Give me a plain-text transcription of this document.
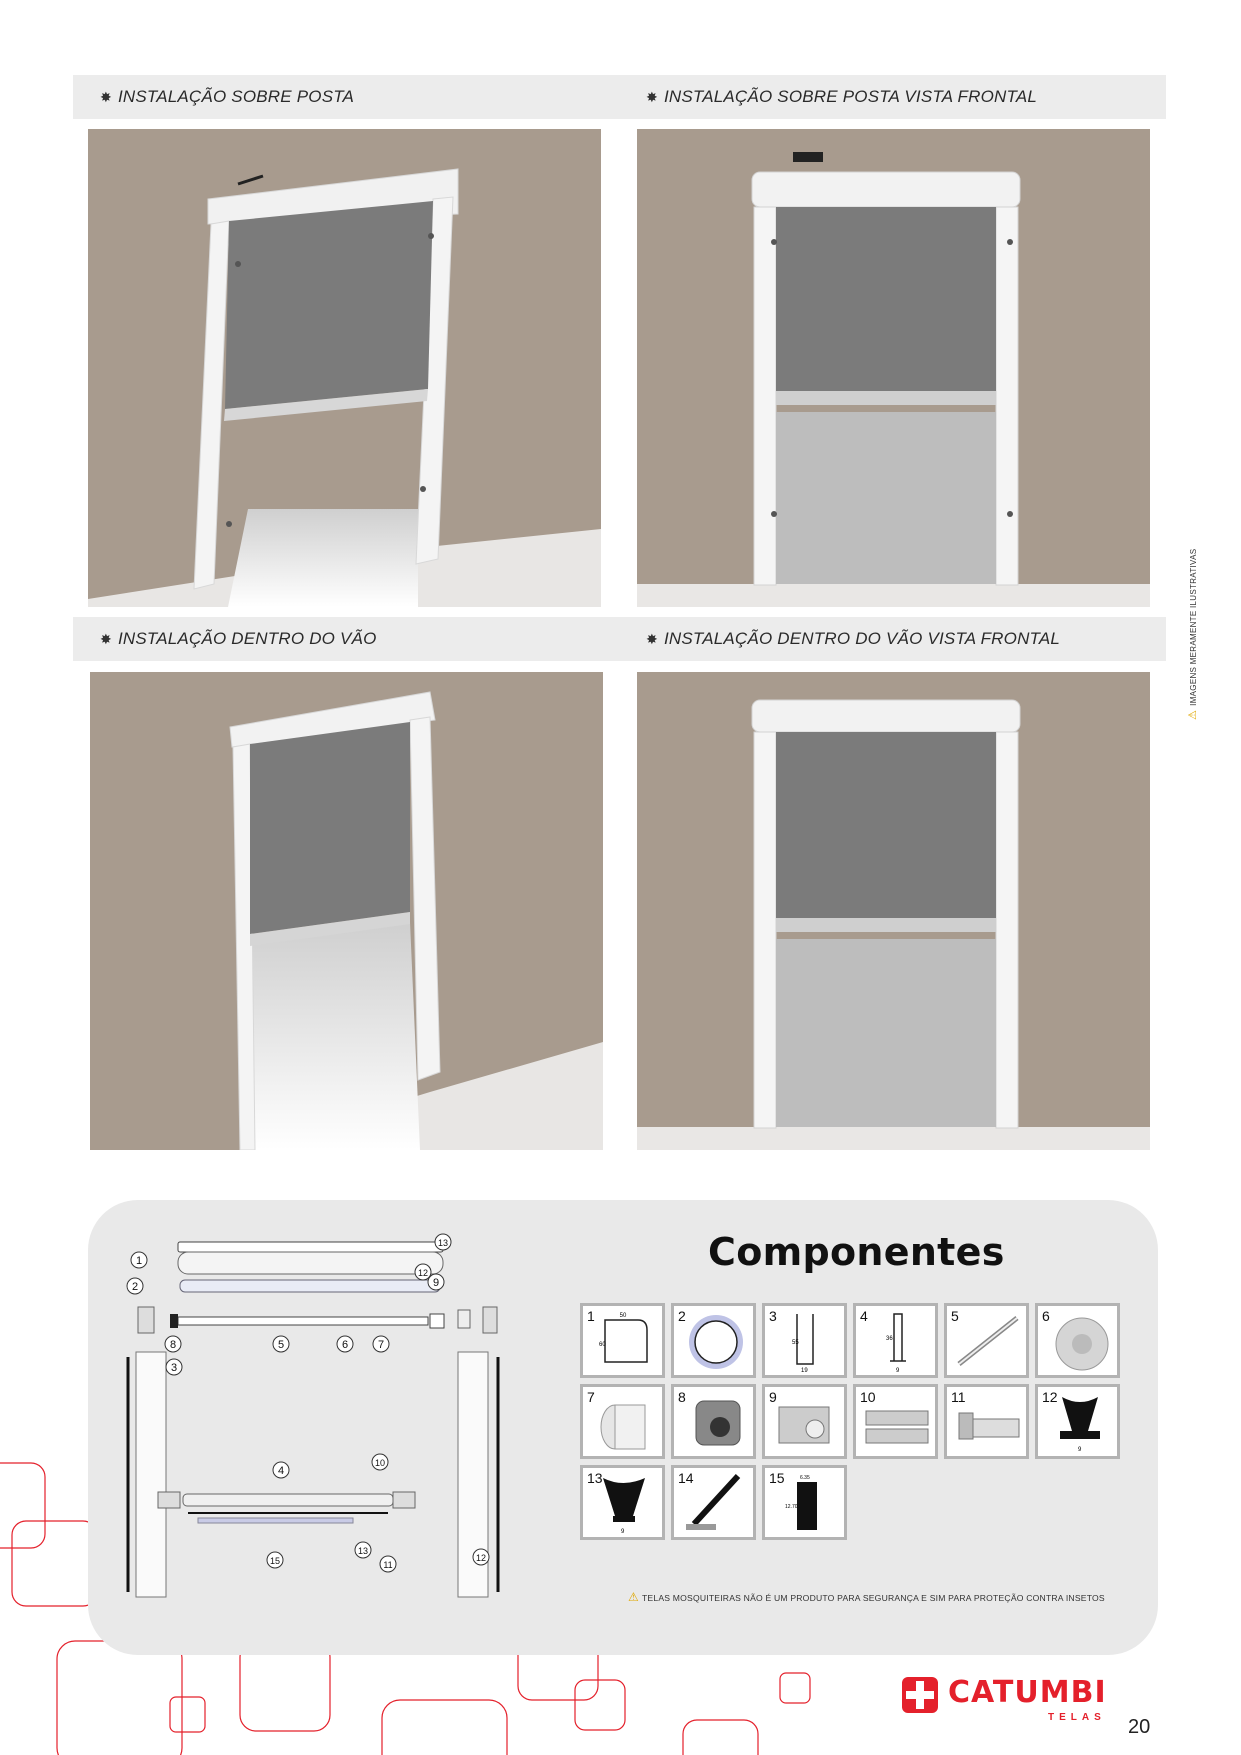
✸ INSTALAÇÃO SOBRE POSTA	✸ INSTALAÇÃO SOBRE POSTA VISTA FRONTAL
✸ INSTALAÇÃO DENTRO DO VÃO	✸ INSTALAÇÃO DENTRO DO VÃO VISTA FRONTAL
⚠IMAGENS MERAMENTE ILUSTRATIVAS
Componentes
1
2
3
4
5	6	7
8
9
10
11
12
12
13
13
15
50
60
1	2
55
19
3
36
9
4	5	6
7	8	9	10	11
9
12
9
13	14	6.35
12.70
15
⚠ TELAS MOSQUITEIRAS NÃO É UM PRODUTO PARA SEGURANÇA E SIM PARA PROTEÇÃO CONTRA INSETOS
CATUMBI
TELAS 20
